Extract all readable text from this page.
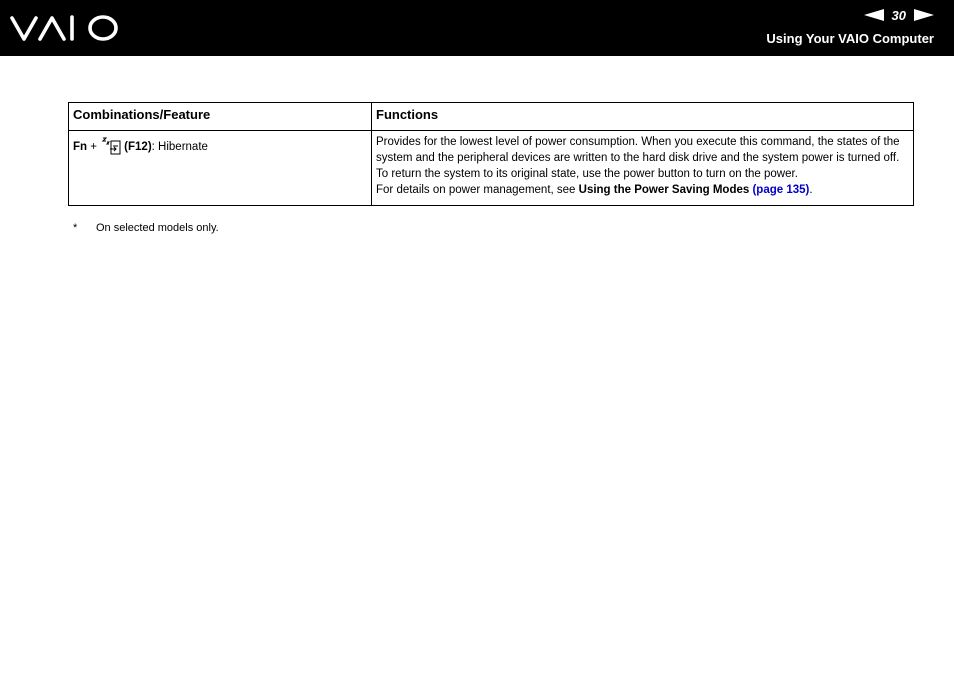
30
Using Your VAIO Computer
Combinations/Feature	Functions
Fn + (F12): Hibernate	Provides for the lowest level of power consumption. When you execute this command, the states of the system and the peripheral devices are written to the hard disk drive and the system power is turned off. To return the system to its original state, use the power button to turn on the power.
For details on power management, see Using the Power Saving Modes (page 135).
* On selected models only.
